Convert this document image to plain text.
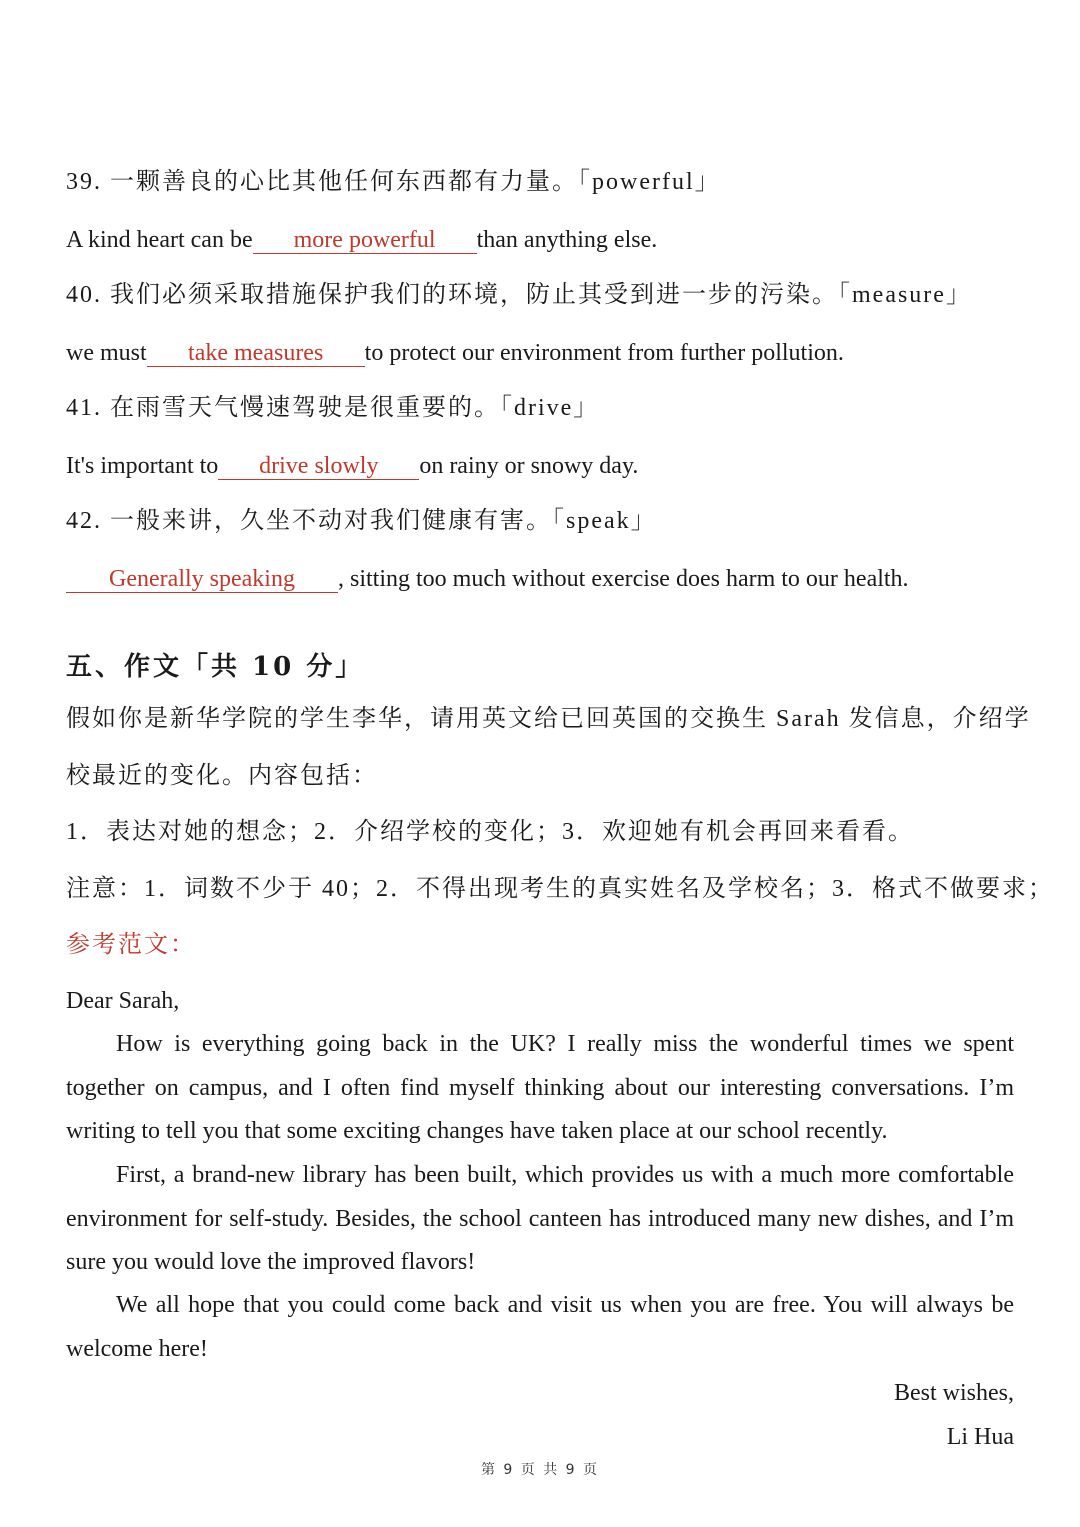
39. 一颗善良的心比其他任何东西都有力量。「powerful」
A kind heart can be more powerful than anything else.
40. 我们必须采取措施保护我们的环境，防止其受到进一步的污染。「measure」
we must take measures to protect our environment from further pollution.
41. 在雨雪天气慢速驾驶是很重要的。「drive」
It's important to drive slowly on rainy or snowy day.
42. 一般来讲，久坐不动对我们健康有害。「speak」
Generally speaking , sitting too much without exercise does harm to our health.
五、作文「共 10 分」
假如你是新华学院的学生李华，请用英文给已回英国的交换生 Sarah 发信息，介绍学
校最近的变化。内容包括：
1．表达对她的想念；2．介绍学校的变化；3．欢迎她有机会再回来看看。
注意：1．词数不少于 40；2．不得出现考生的真实姓名及学校名；3．格式不做要求；
参考范文：
Dear Sarah,
How is everything going back in the UK? I really miss the wonderful times we spent together on campus, and I often find myself thinking about our interesting conversations. I’m writing to tell you that some exciting changes have taken place at our school recently.
First, a brand-new library has been built, which provides us with a much more comfortable environment for self-study. Besides, the school canteen has introduced many new dishes, and I’m sure you would love the improved flavors!
We all hope that you could come back and visit us when you are free. You will always be welcome here!
Best wishes,
Li Hua
第 9 页 共 9 页
